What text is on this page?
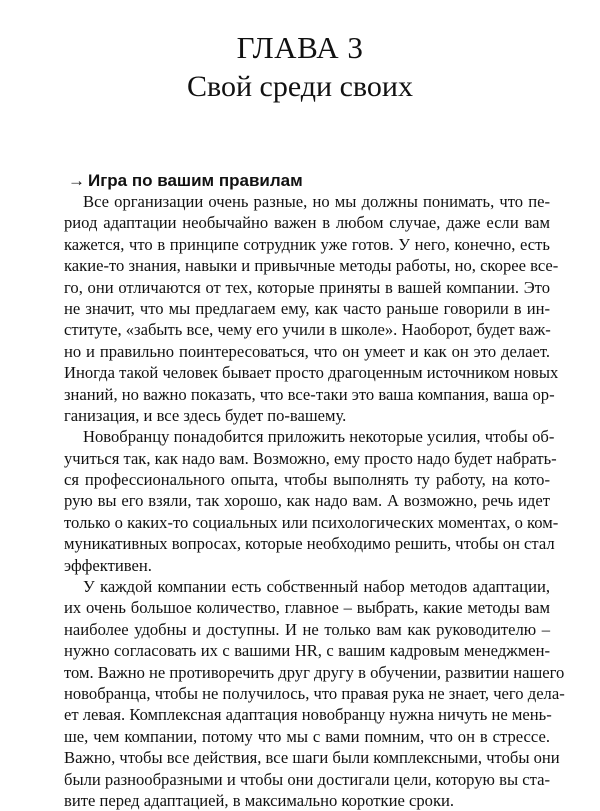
ГЛАВА 3
Свой среди своих
→ Игра по вашим правилам
Все организации очень разные, но мы должны понимать, что пе-
риод адаптации необычайно важен в любом случае, даже если вам
кажется, что в принципе сотрудник уже готов. У него, конечно, есть
какие-то знания, навыки и привычные методы работы, но, скорее все-
го, они отличаются от тех, которые приняты в вашей компании. Это
не значит, что мы предлагаем ему, как часто раньше говорили в ин-
ституте, «забыть все, чему его учили в школе». Наоборот, будет важ-
но и правильно поинтересоваться, что он умеет и как он это делает.
Иногда такой человек бывает просто драгоценным источником новых
знаний, но важно показать, что все-таки это ваша компания, ваша ор-
ганизация, и все здесь будет по-вашему.
Новобранцу понадобится приложить некоторые усилия, чтобы об-
учиться так, как надо вам. Возможно, ему просто надо будет набрать-
ся профессионального опыта, чтобы выполнять ту работу, на кото-
рую вы его взяли, так хорошо, как надо вам. А возможно, речь идет
только о каких-то социальных или психологических моментах, о ком-
муникативных вопросах, которые необходимо решить, чтобы он стал
эффективен.
У каждой компании есть собственный набор методов адаптации,
их очень большое количество, главное – выбрать, какие методы вам
наиболее удобны и доступны. И не только вам как руководителю –
нужно согласовать их с вашими HR, с вашим кадровым менеджмен-
том. Важно не противоречить друг другу в обучении, развитии нашего
новобранца, чтобы не получилось, что правая рука не знает, чего дела-
ет левая. Комплексная адаптация новобранцу нужна ничуть не мень-
ше, чем компании, потому что мы с вами помним, что он в стрессе.
Важно, чтобы все действия, все шаги были комплексными, чтобы они
были разнообразными и чтобы они достигали цели, которую вы ста-
вите перед адаптацией, в максимально короткие сроки.
